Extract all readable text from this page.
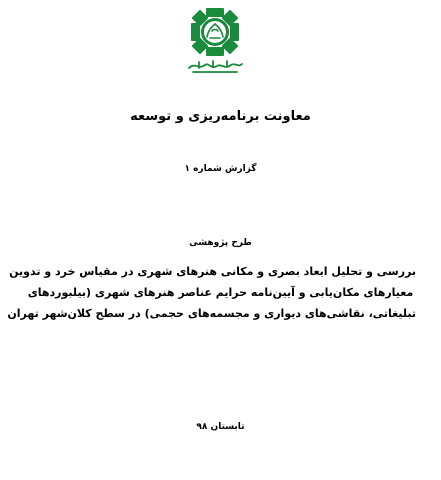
معاونت برنامه‌ریزی و توسعه
گزارش شماره ۱
طرح پژوهشی
بررسی و تحلیل ابعاد بصری و مکانی هنرهای شهری در مقیاس خرد و تدوین
معیارهای مکان‌یابی و آیین‌نامه حرایم عناصر هنرهای شهری (بیلبوردهای
تبلیغاتی، نقاشی‌های دیواری و مجسمه‌های حجمی) در سطح کلان‌شهر تهران
تابستان ۹۸
